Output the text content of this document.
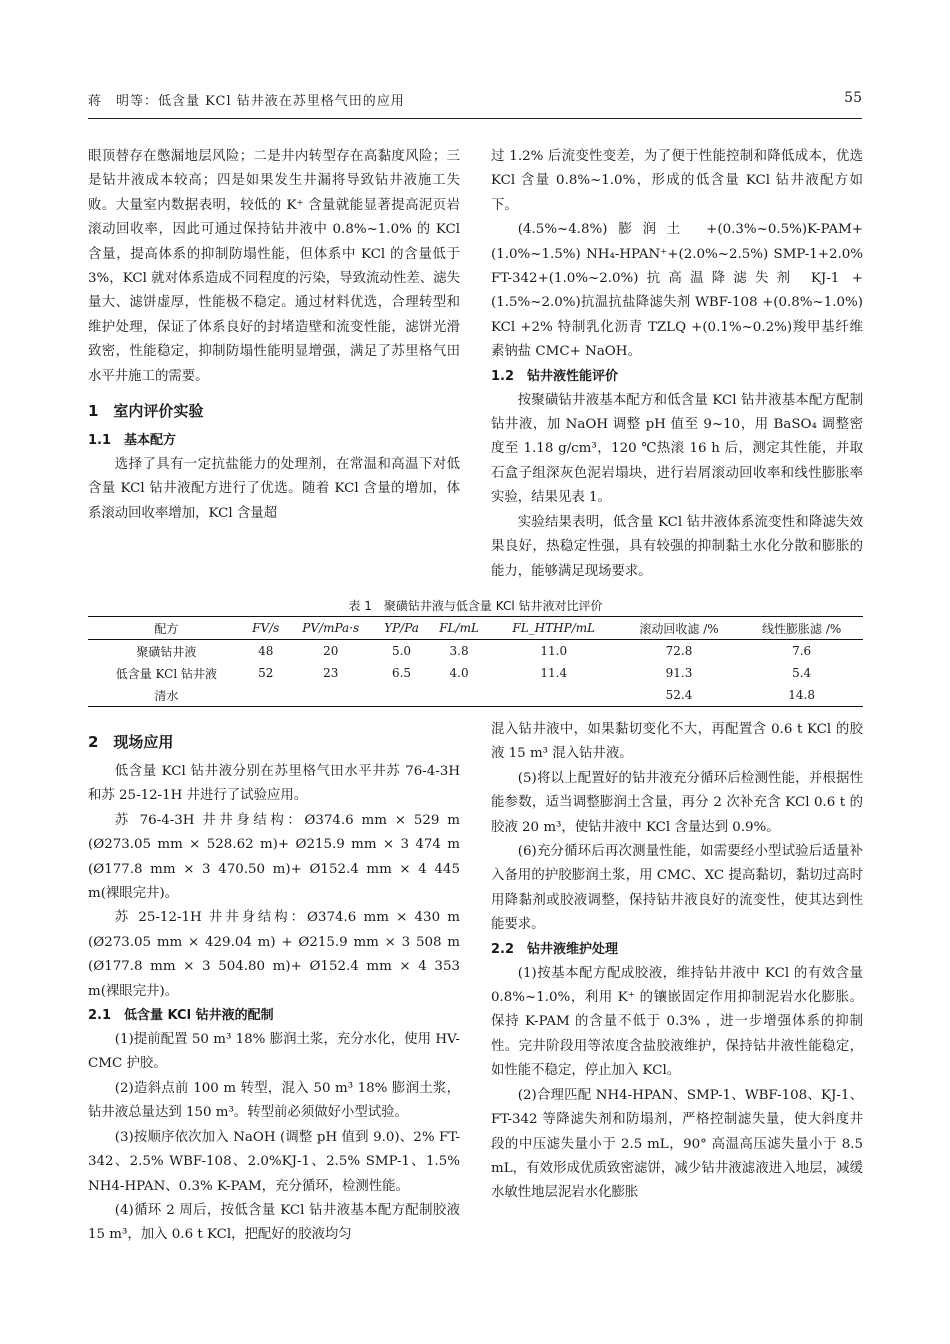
蒋　明等：低含量 KCl 钻井液在苏里格气田的应用	55

眼顶替存在憋漏地层风险；二是井内转型存在高黏度风险；三是钻井液成本较高；四是如果发生井漏将导致钻井液施工失败。大量室内数据表明，较低的 K⁺ 含量就能显著提高泥页岩滚动回收率，因此可通过保持钻井液中 0.8%~1.0% 的 KCl 含量，提高体系的抑制防塌性能，但体系中 KCl 的含量低于 3%，KCl 就对体系造成不同程度的污染，导致流动性差、滤失量大、滤饼虚厚，性能极不稳定。通过材料优选，合理转型和维护处理，保证了体系良好的封堵造壁和流变性能，滤饼光滑致密，性能稳定，抑制防塌性能明显增强，满足了苏里格气田水平井施工的需要。

1　室内评价实验
1.1　基本配方

选择了具有一定抗盐能力的处理剂，在常温和高温下对低含量 KCl 钻井液配方进行了优选。随着 KCl 含量的增加，体系滚动回收率增加，KCl 含量超

过 1.2% 后流变性变差，为了便于性能控制和降低成本，优选 KCl 含量 0.8%~1.0%，形成的低含量 KCl 钻井液配方如下。

(4.5%~4.8%)膨润土 +(0.3%~0.5%)K-PAM+(1.0%~1.5%) NH₄-HPAN⁺+(2.0%~2.5%) SMP-1+2.0% FT-342+(1.0%~2.0%)抗高温降滤失剂 KJ-1 +(1.5%~2.0%)抗温抗盐降滤失剂 WBF-108 +(0.8%~1.0%) KCl +2% 特制乳化沥青 TZLQ +(0.1%~0.2%)羧甲基纤维素钠盐 CMC+ NaOH。

1.2　钻井液性能评价

按聚磺钻井液基本配方和低含量 KCl 钻井液基本配方配制钻井液，加 NaOH 调整 pH 值至 9~10，用 BaSO₄ 调整密度至 1.18 g/cm³，120 ℃热滚 16 h 后，测定其性能，并取石盒子组深灰色泥岩塌块，进行岩屑滚动回收率和线性膨胀率实验，结果见表 1。

实验结果表明，低含量 KCl 钻井液体系流变性和降滤失效果良好，热稳定性强，具有较强的抑制黏土水化分散和膨胀的能力，能够满足现场要求。

表 1　聚磺钻井液与低含量 KCl 钻井液对比评价
配方	FV/s	PV/mPa·s	YP/Pa	FL/mL	FL_HTHP/mL	滚动回收滤 /%	线性膨胀滤 /%
聚磺钻井液	48	20	5.0	3.8	11.0	72.8	7.6
低含量 KCl 钻井液	52	23	6.5	4.0	11.4	91.3	5.4
清水						52.4	14.8
2　现场应用

低含量 KCl 钻井液分别在苏里格气田水平井苏 76-4-3H 和苏 25-12-1H 井进行了试验应用。

苏 76-4-3H 井井身结构：Ø374.6 mm × 529 m (Ø273.05 mm × 528.62 m)+ Ø215.9 mm × 3 474 m (Ø177.8 mm × 3 470.50 m)+ Ø152.4 mm × 4 445 m(裸眼完井)。

苏 25-12-1H 井井身结构：Ø374.6 mm × 430 m (Ø273.05 mm × 429.04 m) + Ø215.9 mm × 3 508 m (Ø177.8 mm × 3 504.80 m)+ Ø152.4 mm × 4 353 m(裸眼完井)。

2.1　低含量 KCl 钻井液的配制

(1)提前配置 50 m³ 18% 膨润土浆，充分水化，使用 HV-CMC 护胶。

(2)造斜点前 100 m 转型，混入 50 m³ 18% 膨润土浆，钻井液总量达到 150 m³。转型前必须做好小型试验。

(3)按顺序依次加入 NaOH (调整 pH 值到 9.0)、2% FT-342、2.5% WBF-108、2.0%KJ-1、2.5% SMP-1、1.5% NH4-HPAN、0.3% K-PAM，充分循环，检测性能。

(4)循环 2 周后，按低含量 KCl 钻井液基本配方配制胶液 15 m³，加入 0.6 t KCl，把配好的胶液均匀

混入钻井液中，如果黏切变化不大，再配置含 0.6 t KCl 的胶液 15 m³ 混入钻井液。

(5)将以上配置好的钻井液充分循环后检测性能，并根据性能参数，适当调整膨润土含量，再分 2 次补充含 KCl 0.6 t 的胶液 20 m³，使钻井液中 KCl 含量达到 0.9%。

(6)充分循环后再次测量性能，如需要经小型试验后适量补入备用的护胶膨润土浆，用 CMC、XC 提高黏切，黏切过高时用降黏剂或胶液调整，保持钻井液良好的流变性，使其达到性能要求。

2.2　钻井液维护处理

(1)按基本配方配成胶液，维持钻井液中 KCl 的有效含量 0.8%~1.0%，利用 K⁺ 的镶嵌固定作用抑制泥岩水化膨胀。保持 K-PAM 的含量不低于 0.3% ，进一步增强体系的抑制性。完井阶段用等浓度含盐胶液维护，保持钻井液性能稳定，如性能不稳定，停止加入 KCl。

(2)合理匹配 NH4-HPAN、SMP-1、WBF-108、KJ-1、FT-342 等降滤失剂和防塌剂，严格控制滤失量，使大斜度井段的中压滤失量小于 2.5 mL，90° 高温高压滤失量小于 8.5 mL，有效形成优质致密滤饼，减少钻井液滤液进入地层，减缓水敏性地层泥岩水化膨胀
